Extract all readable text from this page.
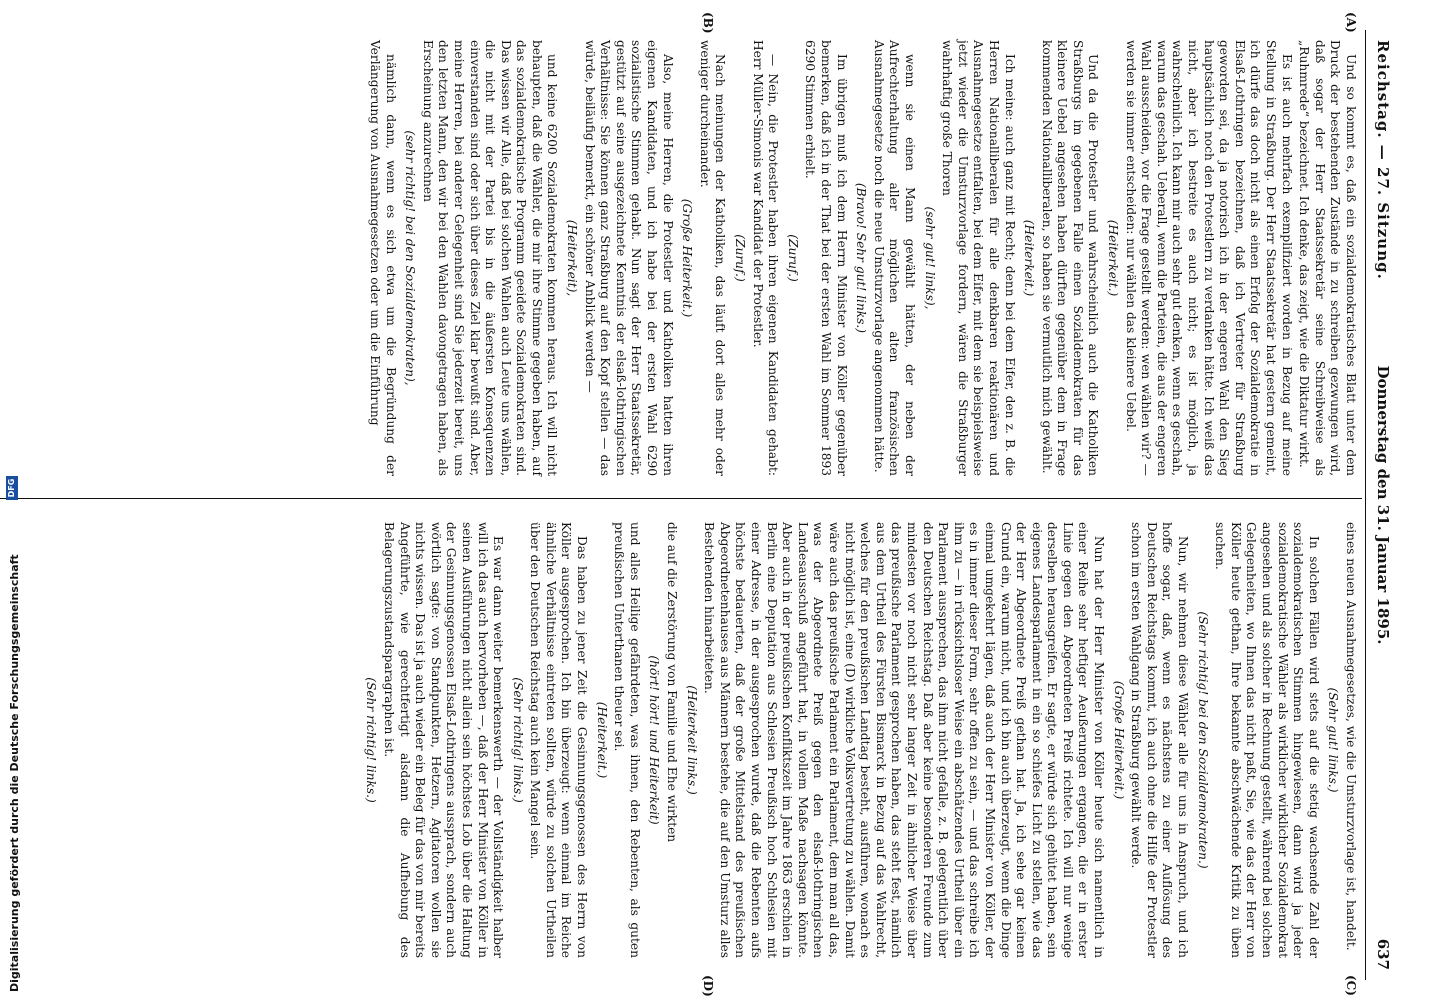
Reichstag. — 27. Sitzung.
Donnerstag den 31. Januar 1895.
637
(A)
(B)
(C)
(D)

Und so kommt es, daß ein sozialdemokratisches Blatt unter dem Druck der bestehenden Zustände in zu schreiben gezwungen wird, daß sogar der Herr Staatssekretär seine Schreibweise als „Ruhmrede“ bezeichnet. Ich denke, das zeigt, wie die Diktatur wirkt.

Es ist auch mehrfach exemplifiziert worden in Bezug auf meine Stellung in Straßburg. Der Herr Staatssekretär hat gestern gemeint, ich dürfe das doch nicht als einen Erfolg der Sozialdemokratie in Elsaß-Lothringen bezeichnen, daß ich Vertreter für Straßburg geworden sei, da ja notorisch ich in der engeren Wahl den Sieg hauptsächlich noch den Protestlern zu verdanken hätte. Ich weiß das nicht, aber ich bestreite es auch nicht; es ist möglich, ja wahrscheinlich. Ich kann mir auch sehr gut denken, wenn es geschah, warum das geschah. Ueberall, wenn die Parteien, die aus der engeren Wahl ausscheiden, vor die Frage gestellt werden: wen wählen wir? — werden sie immer entscheiden: nur wählen das kleinere Uebel.

(Heiterkeit.)

Und da die Protestler und wahrscheinlich auch die Katholiken Straßburgs im gegebenen Falle einen Sozialdemokraten für das kleinere Uebel angesehen haben dürften gegenüber dem in Frage kommenden Nationalliberalen, so haben sie vermutlich mich gewählt.

(Heiterkeit.)

Ich meine: auch ganz mit Recht; denn bei dem Eifer, den z. B. die Herren Nationalliberalen für alle denkbaren reaktionären und Ausnahmegesetze entfalten, bei dem Eifer, mit dem sie beispielsweise jetzt wieder die Umsturzvorlage fordern, wären die Straßburger wahrhaftig große Thoren

(sehr gut! links),

wenn sie einen Mann gewählt hätten, der neben der Aufrechterhaltung aller möglichen alten französischen Ausnahmegesetze noch die neue Umsturzvorlage angenommen hätte.

(Bravo! Sehr gut! links.)

Im übrigen muß ich dem Herrn Minister von Köller gegenüber bemerken, daß ich in der That bei der ersten Wahl im Sommer 1893 6290 Stimmen erhielt.

(Zuruf.)

— Nein, die Protestler haben ihren eigenen Kandidaten gehabt: Herr Müller-Simonis war Kandidat der Protestler.

(Zuruf.)

Nach meinungen der Katholiken, das läuft dort alles mehr oder weniger durcheinander.

(Große Heiterkeit.)

Also, meine Herren, die Protestler und Katholiken hatten ihren eigenen Kandidaten, und ich habe bei der ersten Wahl 6290 sozialistische Stimmen gehabt. Nun sagt der Herr Staatssekretär, gestützt auf seine ausgezeichnete Kenntnis der elsaß-lothringischen Verhältnisse: Sie können ganz Straßburg auf den Kopf stellen — das würde, beiläufig bemerkt, ein schöner Anblick werden —

(Heiterkeit),

und keine 6200 Sozialdemokraten kommen heraus. Ich will nicht behaupten, daß die Wähler, die mir ihre Stimme gegeben haben, auf das sozialdemokratische Programm geeidete Sozialdemokraten sind. Das wissen wir Alle, daß bei solchen Wahlen auch Leute uns wählen, die nicht mit der Partei bis in die äußersten Konsequenzen einverstanden sind oder sich über dieses Ziel klar bewußt sind. Aber, meine Herren, bei anderer Gelegenheit sind Sie jederzeit bereit, uns den letzten Mann, den wir bei den Wahlen davongetragen haben, als Erscheinung anzurechnen

(sehr richtig! bei den Sozialdemokraten),

nämlich dann, wenn es sich etwa um die Begründung der Verlängerung von Ausnahmegesetzen oder um die Einführung

eines neuen Ausnahmegesetzes, wie die Umsturzvorlage ist, handelt.

(Sehr gut! links.)

In solchen Fällen wird stets auf die stetig wachsende Zahl der sozialdemokratischen Stimmen hingewiesen, dann wird ja jeder sozialdemokratische Wähler als wirklicher wirklicher Sozialdemokrat angesehen und als solcher in Rechnung gestellt, während bei solchen Gelegenheiten, wo Ihnen das nicht paßt, Sie, wie das der Herr von Köller heute gethan, Ihre bekannte abschwächende Kritik zu üben suchen.

(Sehr richtig! bei den Sozialdemokraten.)

Nun, wir nehmen diese Wähler alle für uns in Anspruch, und ich hoffe sogar, daß, wenn es nächstens zu einer Auflösung des Deutschen Reichstags kommt, ich auch ohne die Hilfe der Protestler schon im ersten Wahlgang in Straßburg gewählt werde.

(Große Heiterkeit.)

Nun hat der Herr Minister von Köller heute sich namentlich in einer Reihe sehr heftiger Aeußerungen ergangen, die er in erster Linie gegen den Abgeordneten Preiß richtete. Ich will nur wenige derselben herausgreifen. Er sagte, er würde sich gehütet haben, sein eigenes Landesparlament in ein so schiefes Licht zu stellen, wie das der Herr Abgeordnete Preiß gethan hat. Ja, ich sehe gar keinen Grund ein, warum nicht, und ich bin auch überzeugt, wenn die Dinge einmal umgekehrt lägen, daß auch der Herr Minister von Köller, der es in immer dieser Form, sehr offen zu sein, — und das schreibe ich ihm zu — in rücksichtsloser Weise ein abschätzendes Urtheil über ein Parlament aussprechen, das ihm nicht gefalle, z. B. gelegentlich über den Deutschen Reichstag. Daß aber keine besonderen Freunde zum mindesten vor noch nicht sehr langer Zeit in ähnlicher Weise über das preußische Parlament gesprochen haben, das steht fest, nämlich aus dem Urtheil des Fürsten Bismarck in Bezug auf das Wahlrecht, welches für den preußischen Landtag besteht, ausführen, wonach es nicht möglich ist, eine (D) wirkliche Volksvertretung zu wählen. Damit wäre auch das preußische Parlament ein Parlament, dem man all das, was der Abgeordnete Preiß gegen den elsaß-lothringischen Landesausschuß angeführt hat, in vollem Maße nachsagen könnte. Aber auch in der preußischen Konfliktszeit im Jahre 1863 erschien in Berlin eine Deputation aus Schlesien Preußisch hoch Schlesien mit einer Adresse, in der ausgesprochen wurde, daß die Rebenten aufs höchste bedauerten, daß der große Mittelstand des preußischen Abgeordnetenhauses aus Männern bestehe, die auf den Umsturz alles Bestehenden hinarbeiteten.

(Heiterkeit links.)

die auf die Zerstörung von Familie und Ehe wirkten

(hört! hört! und Heiterkeit)

und alles Heilige gefährdeten, was ihnen, den Rebenten, als guten preußischen Unterthanen theuer sei.

(Heiterkeit.)

Das haben zu jener Zeit die Gesinnungsgenossen des Herrn von Köller ausgesprochen. Ich bin überzeugt: wenn einmal im Reiche ähnliche Verhältnisse eintreten sollten, würde zu solchen Urtheilen über den Deutschen Reichstag auch kein Mangel sein.

(Sehr richtig! links.)

Es war dann weiter bemerkenswerth — der Vollständigkeit halber will ich das auch hervorheben —, daß der Herr Minister von Köller in seinen Ausführungen nicht allein sein höchstes Lob über die Haltung der Gesinnungsgenossen Elsaß-Lothringens aussprach, sondern auch wörtlich sagte: von Standpunkten, Hetzern, Agitatoren wollen sie nichts wissen. Das ist ja auch wieder ein Beleg für das von mir bereits Angeführte, wie gerechtfertigt alsdann die Aufhebung des Belagerungszustandsparagraphen ist.

(Sehr richtig! links.)

Digitalisierung gefördert durch die Deutsche Forschungsgemeinschaft
DFG
